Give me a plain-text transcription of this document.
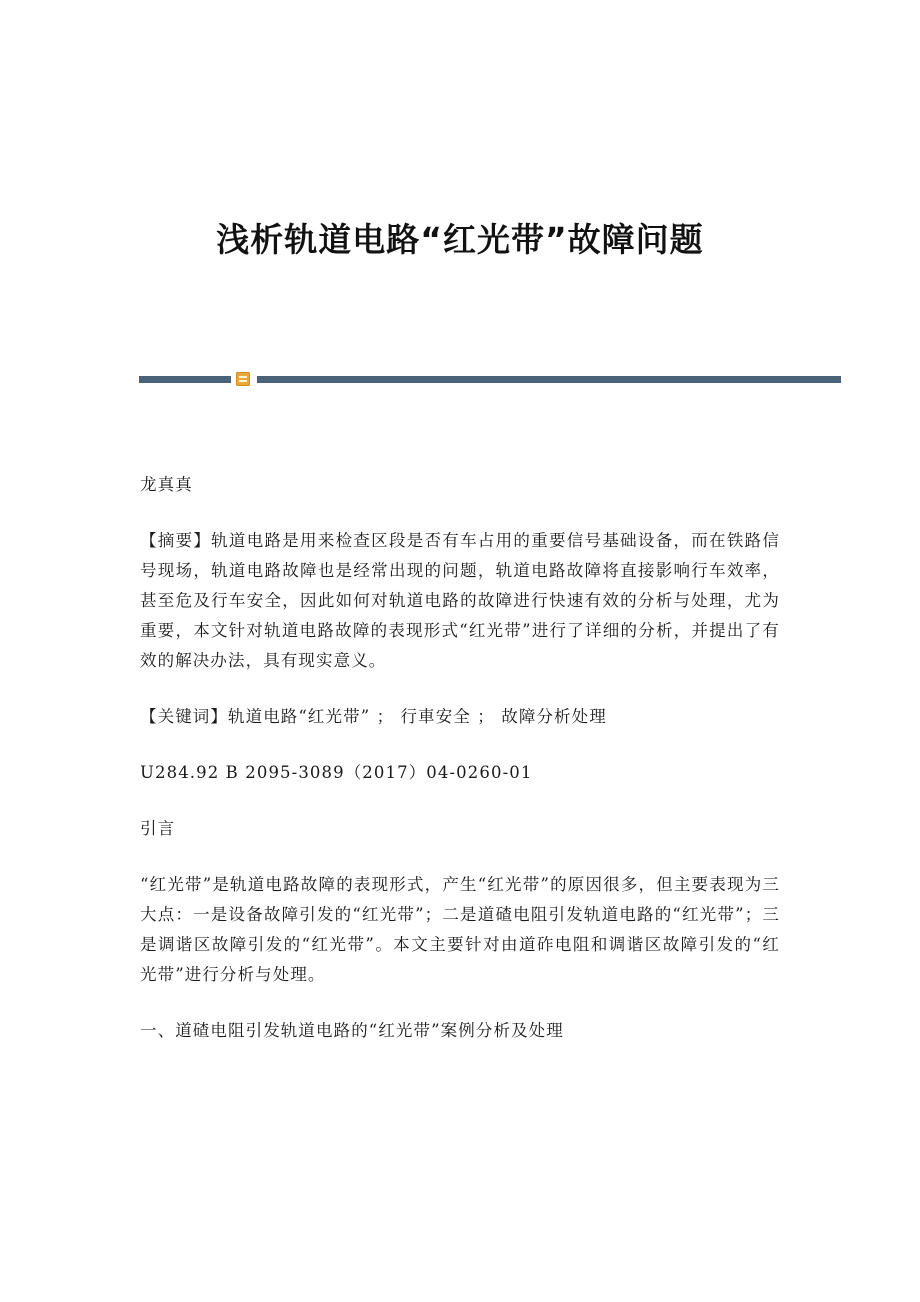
浅析轨道电路“红光带”故障问题

龙真真

【摘要】轨道电路是用来检查区段是否有车占用的重要信号基础设备，而在铁路信号现场，轨道电路故障也是经常出现的问题，轨道电路故障将直接影响行车效率，甚至危及行车安全，因此如何对轨道电路的故障进行快速有效的分析与处理，尤为重要，本文针对轨道电路故障的表现形式“红光带”进行了详细的分析，并提出了有效的解决办法，具有现实意义。

【关键词】轨道电路“红光带” ； 行車安全 ； 故障分析处理

U284.92 B 2095-3089（2017）04-0260-01

引言

“红光带”是轨道电路故障的表现形式，产生“红光带”的原因很多，但主要表现为三大点：一是设备故障引发的“红光带”；二是道碴电阻引发轨道电路的“红光带”；三是调谐区故障引发的“红光带”。本文主要针对由道砟电阻和调谐区故障引发的“红光带”进行分析与处理。

一、道碴电阻引发轨道电路的“红光带”案例分析及处理
